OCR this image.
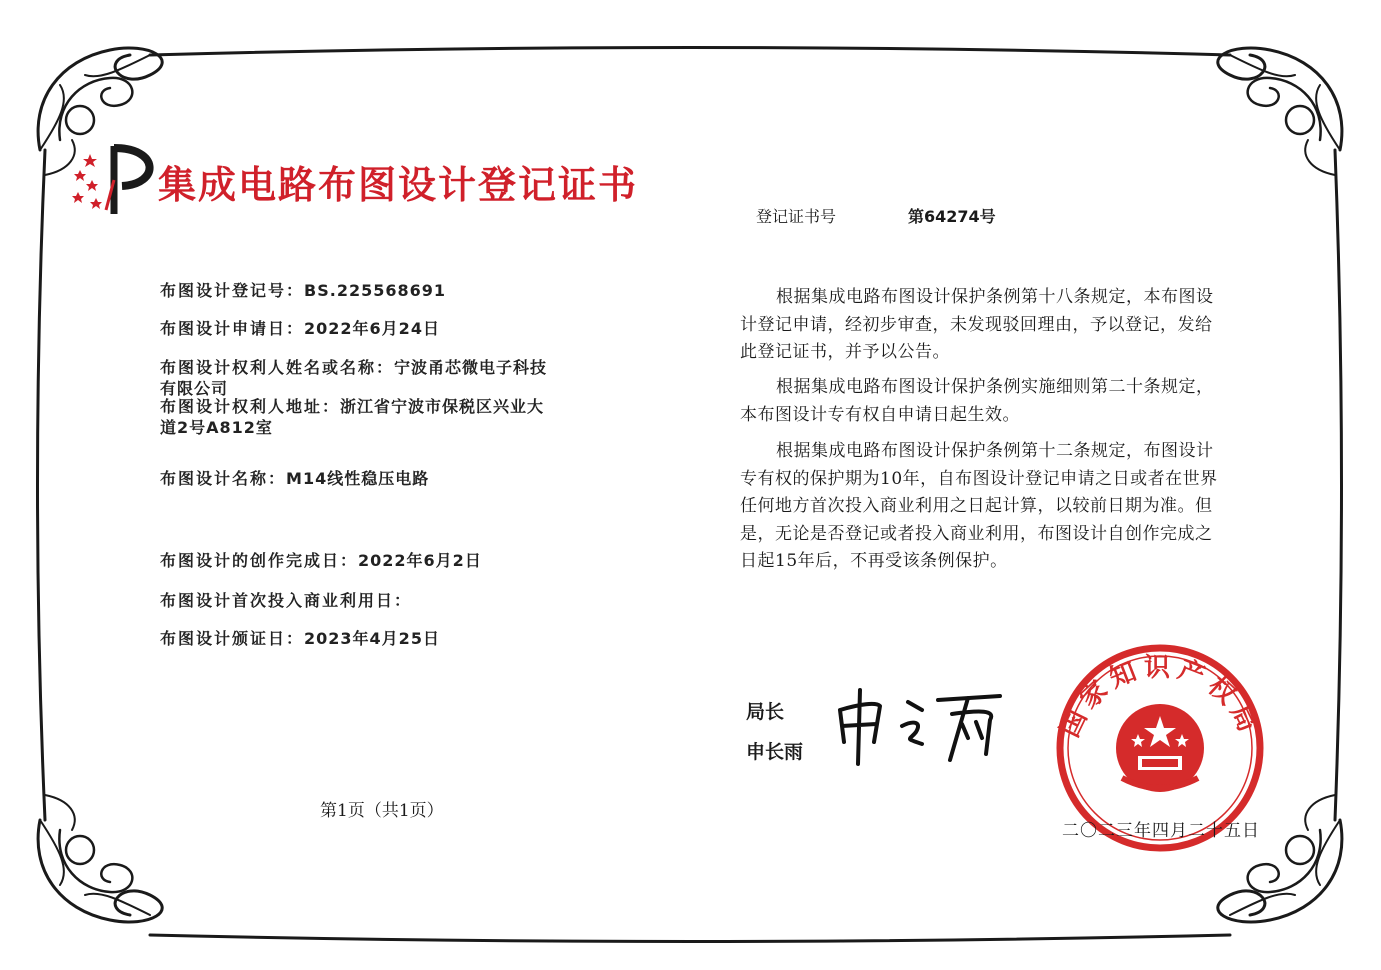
集成电路布图设计登记证书
布图设计登记号：BS.225568691
布图设计申请日：2022年6月24日
布图设计权利人姓名或名称：宁波甬芯微电子科技
有限公司
布图设计权利人地址：浙江省宁波市保税区兴业大
道2号A812室
布图设计名称：M14线性稳压电路
布图设计的创作完成日：2022年6月2日
布图设计首次投入商业利用日：
布图设计颁证日：2023年4月25日
登记证书号	第64274号
根据集成电路布图设计保护条例第十八条规定，本布图设
计登记申请，经初步审查，未发现驳回理由，予以登记，发给
此登记证书，并予以公告。
根据集成电路布图设计保护条例实施细则第二十条规定，
本布图设计专有权自申请日起生效。
根据集成电路布图设计保护条例第十二条规定，布图设计
专有权的保护期为10年，自布图设计登记申请之日或者在世界
任何地方首次投入商业利用之日起计算，以较前日期为准。但
是，无论是否登记或者投入商业利用，布图设计自创作完成之
日起15年后，不再受该条例保护。
局长
申长雨
国家知识产权局
二〇二三年四月二十五日
第1页（共1页）
